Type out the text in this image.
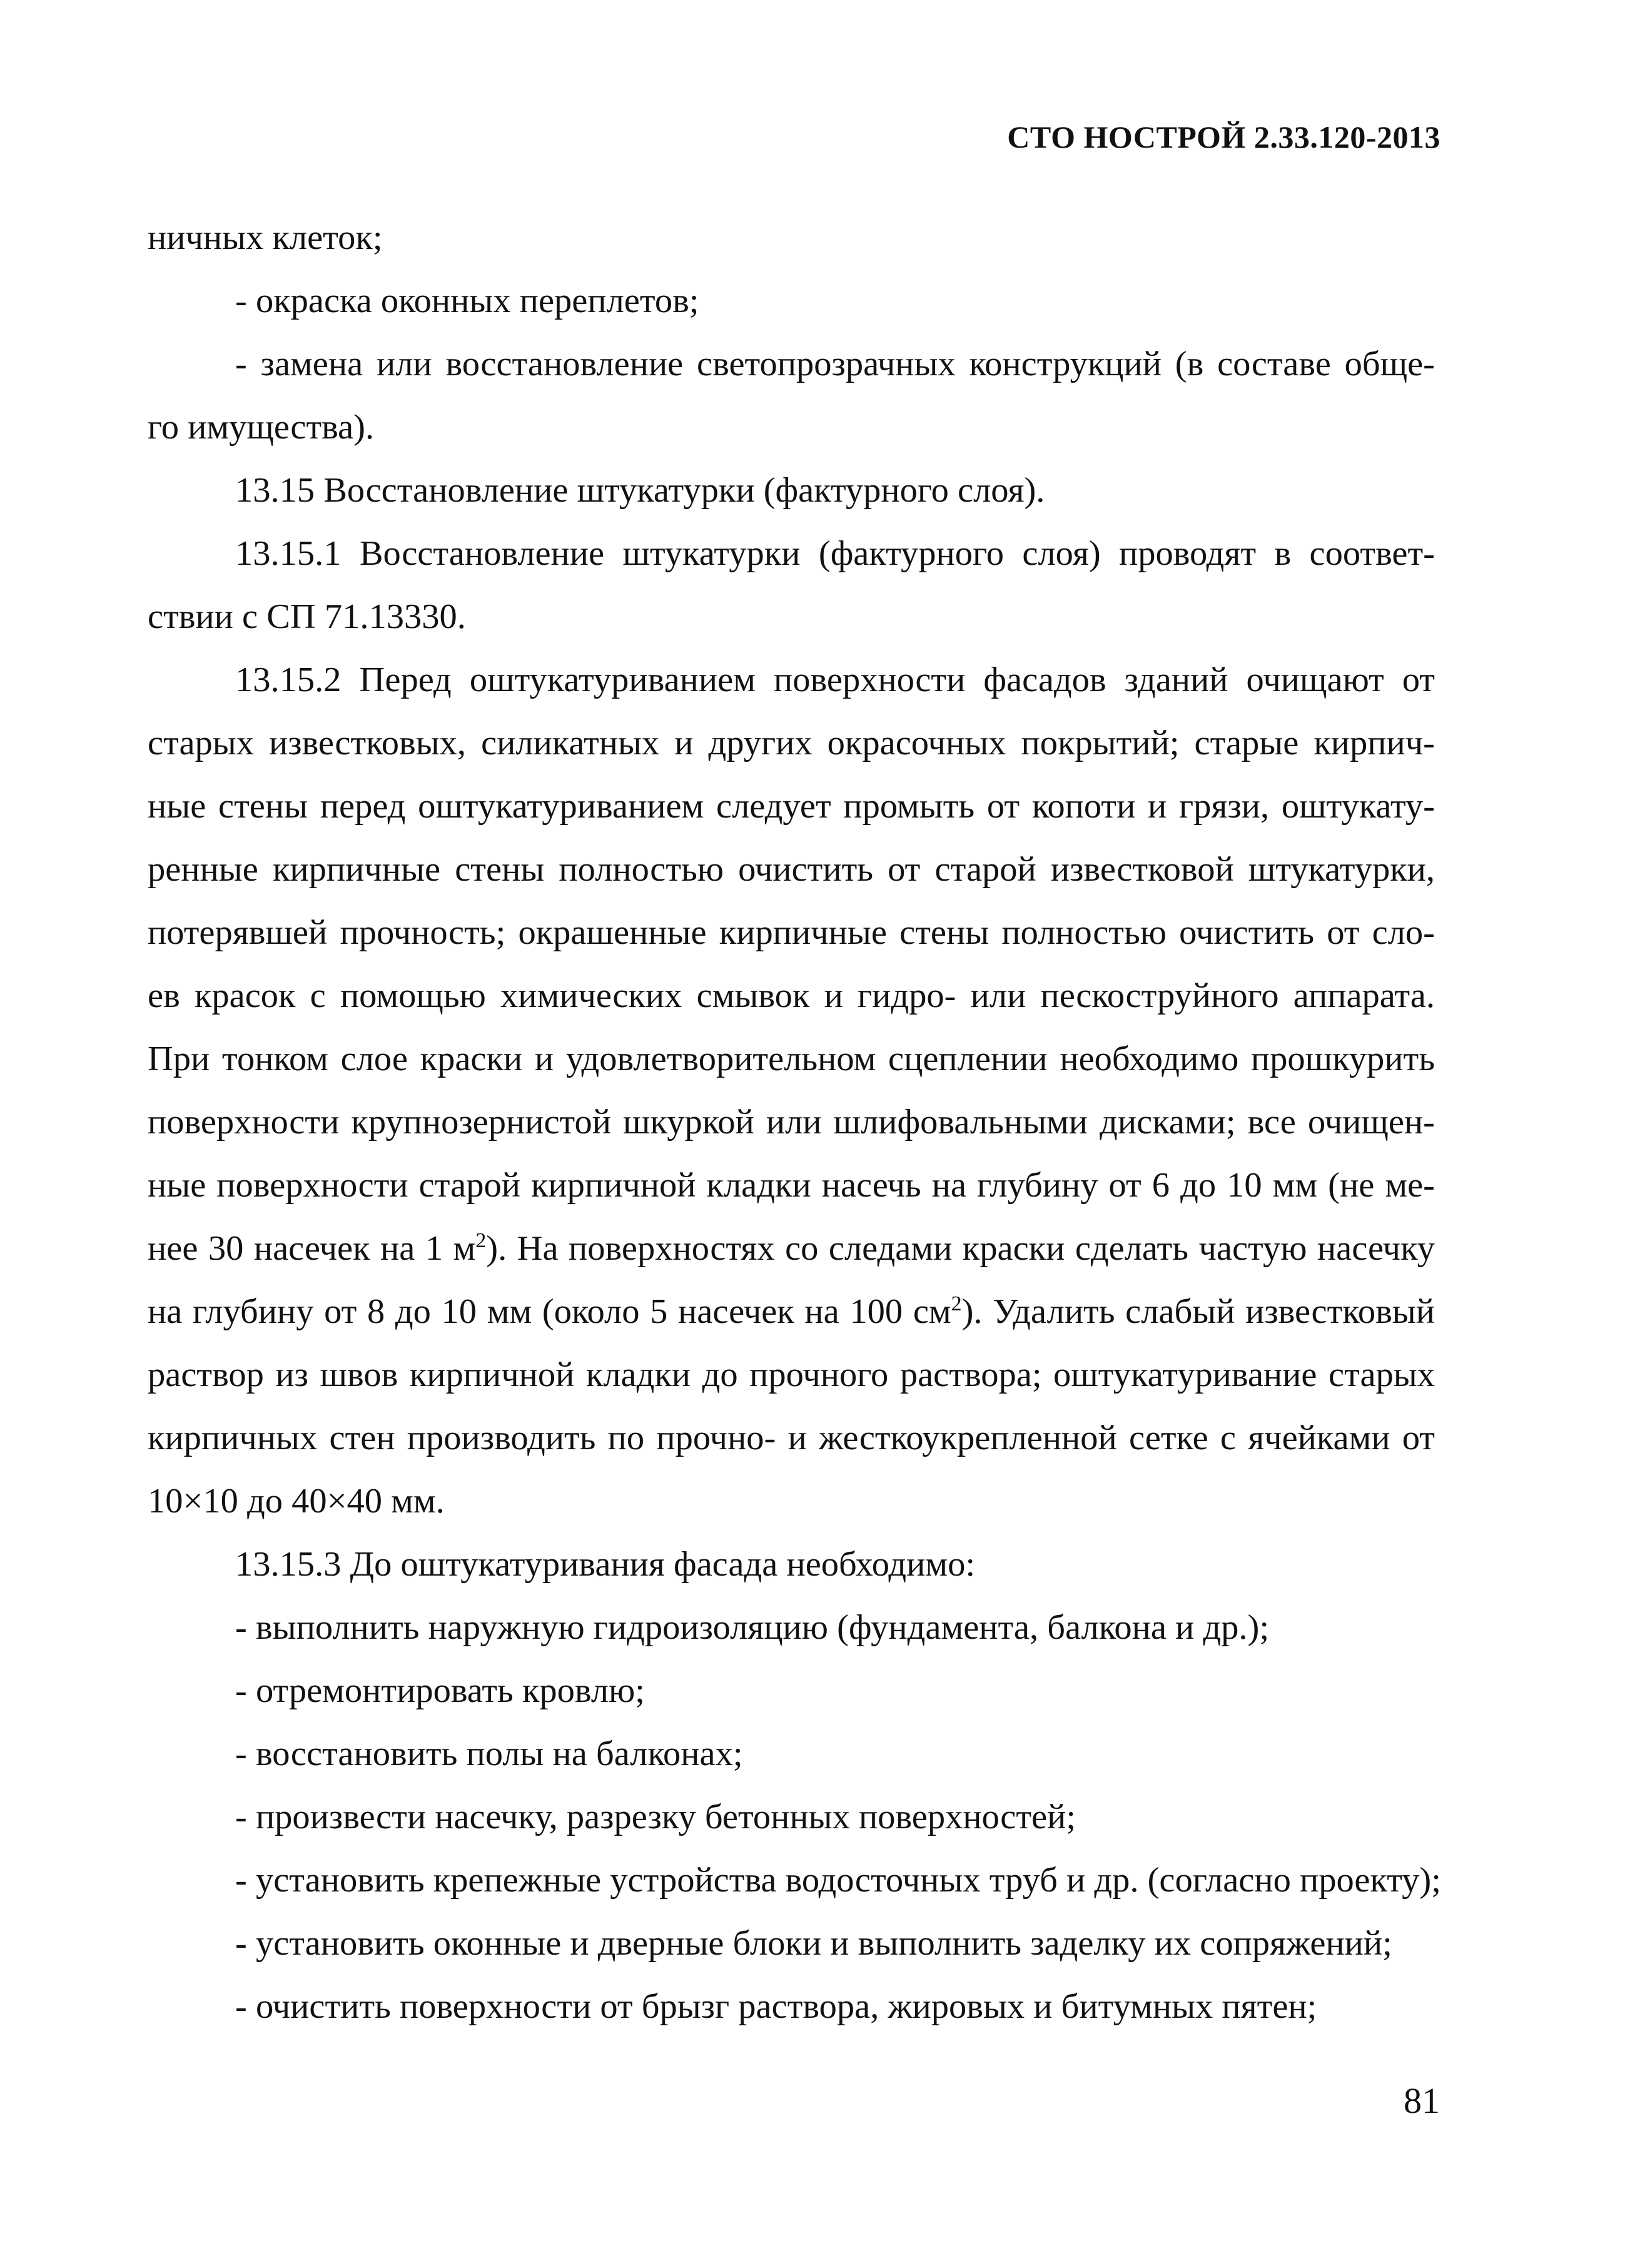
СТО НОСТРОЙ 2.33.120-2013
ничных клеток;
- окраска оконных переплетов;
- замена или восстановление светопрозрачных конструкций (в составе обще-
го имущества).
13.15 Восстановление штукатурки (фактурного слоя).
13.15.1 Восстановление штукатурки (фактурного слоя) проводят в соответ-
ствии с СП 71.13330.
13.15.2 Перед оштукатуриванием поверхности фасадов зданий очищают от
старых известковых, силикатных и других окрасочных покрытий; старые кирпич-
ные стены перед оштукатуриванием следует промыть от копоти и грязи, оштукату-
ренные кирпичные стены полностью очистить от старой известковой штукатурки,
потерявшей прочность; окрашенные кирпичные стены полностью очистить от сло-
ев красок с помощью химических смывок и гидро- или пескоструйного аппарата.
При тонком слое краски и удовлетворительном сцеплении необходимо прошкурить
поверхности крупнозернистой шкуркой или шлифовальными дисками; все очищен-
ные поверхности старой кирпичной кладки насечь на глубину от 6 до 10 мм (не ме-
нее 30 насечек на 1 $м^2$). На поверхностях со следами краски сделать частую насечку
на глубину от 8 до 10 мм (около 5 насечек на 100 $см^2$). Удалить слабый известковый
раствор из швов кирпичной кладки до прочного раствора; оштукатуривание старых
кирпичных стен производить по прочно- и жесткоукрепленной сетке с ячейками от
10×10 до 40×40 мм.
13.15.3 До оштукатуривания фасада необходимо:
- выполнить наружную гидроизоляцию (фундамента, балкона и др.);
- отремонтировать кровлю;
- восстановить полы на балконах;
- произвести насечку, разрезку бетонных поверхностей;
- установить крепежные устройства водосточных труб и др. (согласно проекту);
- установить оконные и дверные блоки и выполнить заделку их сопряжений;
- очистить поверхности от брызг раствора, жировых и битумных пятен;
81
